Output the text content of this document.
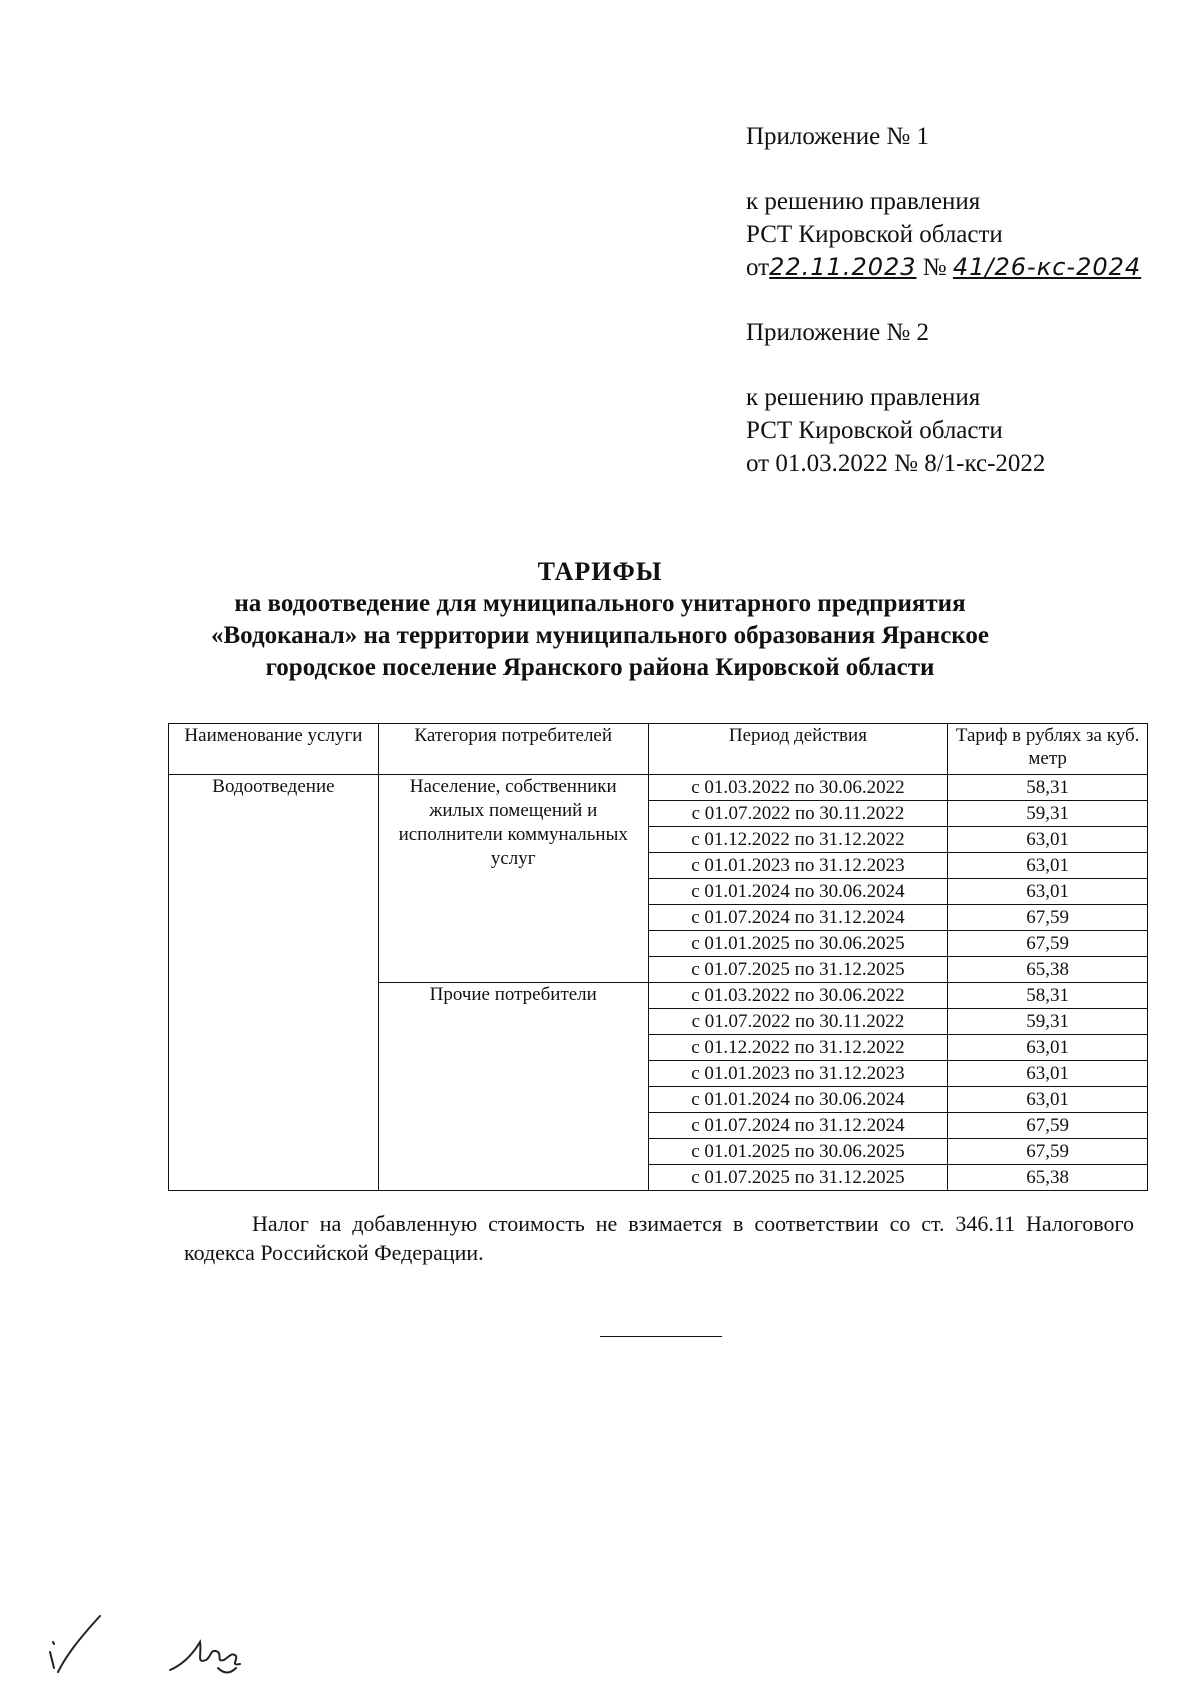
Приложение № 1

к решению правления

РСТ Кировской области

от22.11.2023 № 41/26-кс-2024

Приложение № 2

к решению правления

РСТ Кировской области

от 01.03.2022 № 8/1-кс-2022

ТАРИФЫ
на водоотведение для муниципального унитарного предприятия
«Водоканал» на территории муниципального образования Яранское
городское поселение Яранского района Кировской области
Наименование услуги	Категория потребителей	Период действия	Тариф в рублях за куб. метр
Водоотведение	Население, собственники жилых помещений и исполнители коммунальных услуг	с 01.03.2022 по 30.06.2022	58,31
		с 01.07.2022 по 30.11.2022	59,31
		с 01.12.2022 по 31.12.2022	63,01
		с 01.01.2023 по 31.12.2023	63,01
		с 01.01.2024 по 30.06.2024	63,01
		с 01.07.2024 по 31.12.2024	67,59
		с 01.01.2025 по 30.06.2025	67,59
		с 01.07.2025 по 31.12.2025	65,38
	Прочие потребители	с 01.03.2022 по 30.06.2022	58,31
		с 01.07.2022 по 30.11.2022	59,31
		с 01.12.2022 по 31.12.2022	63,01
		с 01.01.2023 по 31.12.2023	63,01
		с 01.01.2024 по 30.06.2024	63,01
		с 01.07.2024 по 31.12.2024	67,59
		с 01.01.2025 по 30.06.2025	67,59
		с 01.07.2025 по 31.12.2025	65,38
Налог на добавленную стоимость не взимается в соответствии со ст. 346.11 Налогового кодекса Российской Федерации.
